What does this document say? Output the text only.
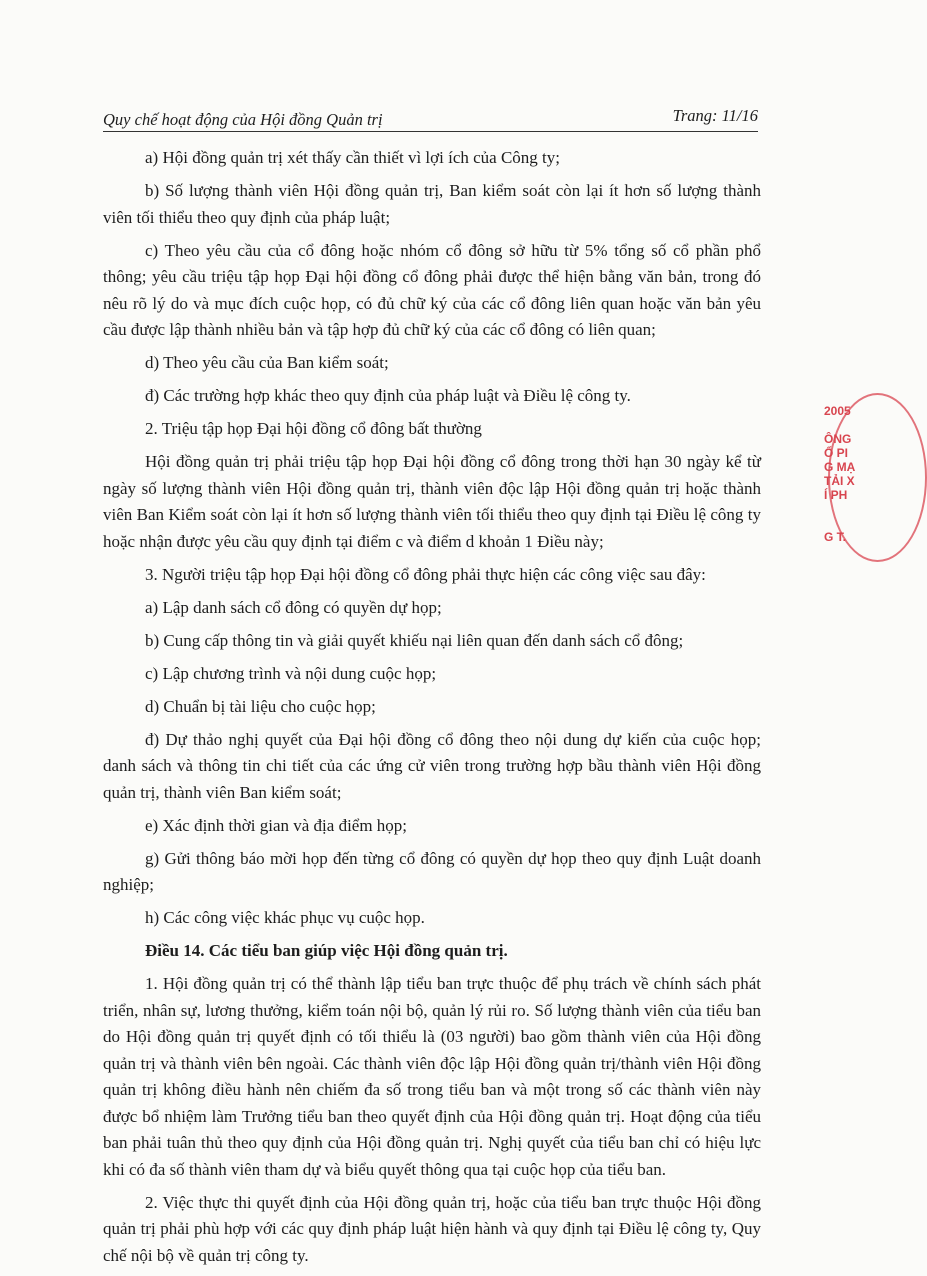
Quy chế hoạt động của Hội đồng Quản trị	Trang: 11/16

a) Hội đồng quản trị xét thấy cần thiết vì lợi ích của Công ty;

b) Số lượng thành viên Hội đồng quản trị, Ban kiểm soát còn lại ít hơn số lượng thành viên tối thiểu theo quy định của pháp luật;

c) Theo yêu cầu của cổ đông hoặc nhóm cổ đông sở hữu từ 5% tổng số cổ phần phổ thông; yêu cầu triệu tập họp Đại hội đồng cổ đông phải được thể hiện bằng văn bản, trong đó nêu rõ lý do và mục đích cuộc họp, có đủ chữ ký của các cổ đông liên quan hoặc văn bản yêu cầu được lập thành nhiều bản và tập hợp đủ chữ ký của các cổ đông có liên quan;

d) Theo yêu cầu của Ban kiểm soát;

đ) Các trường hợp khác theo quy định của pháp luật và Điều lệ công ty.

2. Triệu tập họp Đại hội đồng cổ đông bất thường

Hội đồng quản trị phải triệu tập họp Đại hội đồng cổ đông trong thời hạn 30 ngày kể từ ngày số lượng thành viên Hội đồng quản trị, thành viên độc lập Hội đồng quản trị hoặc thành viên Ban Kiểm soát còn lại ít hơn số lượng thành viên tối thiểu theo quy định tại Điều lệ công ty hoặc nhận được yêu cầu quy định tại điểm c và điểm d khoản 1 Điều này;

3. Người triệu tập họp Đại hội đồng cổ đông phải thực hiện các công việc sau đây:

a) Lập danh sách cổ đông có quyền dự họp;

b) Cung cấp thông tin và giải quyết khiếu nại liên quan đến danh sách cổ đông;

c) Lập chương trình và nội dung cuộc họp;

d) Chuẩn bị tài liệu cho cuộc họp;

đ) Dự thảo nghị quyết của Đại hội đồng cổ đông theo nội dung dự kiến của cuộc họp; danh sách và thông tin chi tiết của các ứng cử viên trong trường hợp bầu thành viên Hội đồng quản trị, thành viên Ban kiểm soát;

e) Xác định thời gian và địa điểm họp;

g) Gửi thông báo mời họp đến từng cổ đông có quyền dự họp theo quy định Luật doanh nghiệp;

h) Các công việc khác phục vụ cuộc họp.

Điều 14. Các tiểu ban giúp việc Hội đồng quản trị.

1. Hội đồng quản trị có thể thành lập tiểu ban trực thuộc để phụ trách về chính sách phát triển, nhân sự, lương thưởng, kiểm toán nội bộ, quản lý rủi ro. Số lượng thành viên của tiểu ban do Hội đồng quản trị quyết định có tối thiểu là (03 người) bao gồm thành viên của Hội đồng quản trị và thành viên bên ngoài. Các thành viên độc lập Hội đồng quản trị/thành viên Hội đồng quản trị không điều hành nên chiếm đa số trong tiểu ban và một trong số các thành viên này được bổ nhiệm làm Trưởng tiểu ban theo quyết định của Hội đồng quản trị. Hoạt động của tiểu ban phải tuân thủ theo quy định của Hội đồng quản trị. Nghị quyết của tiểu ban chỉ có hiệu lực khi có đa số thành viên tham dự và biểu quyết thông qua tại cuộc họp của tiểu ban.

2. Việc thực thi quyết định của Hội đồng quản trị, hoặc của tiểu ban trực thuộc Hội đồng quản trị phải phù hợp với các quy định pháp luật hiện hành và quy định tại Điều lệ công ty, Quy chế nội bộ về quản trị công ty.

2005
ÔNG
Ổ PI
G MẠ
TẢI X
Í PH
G T.
